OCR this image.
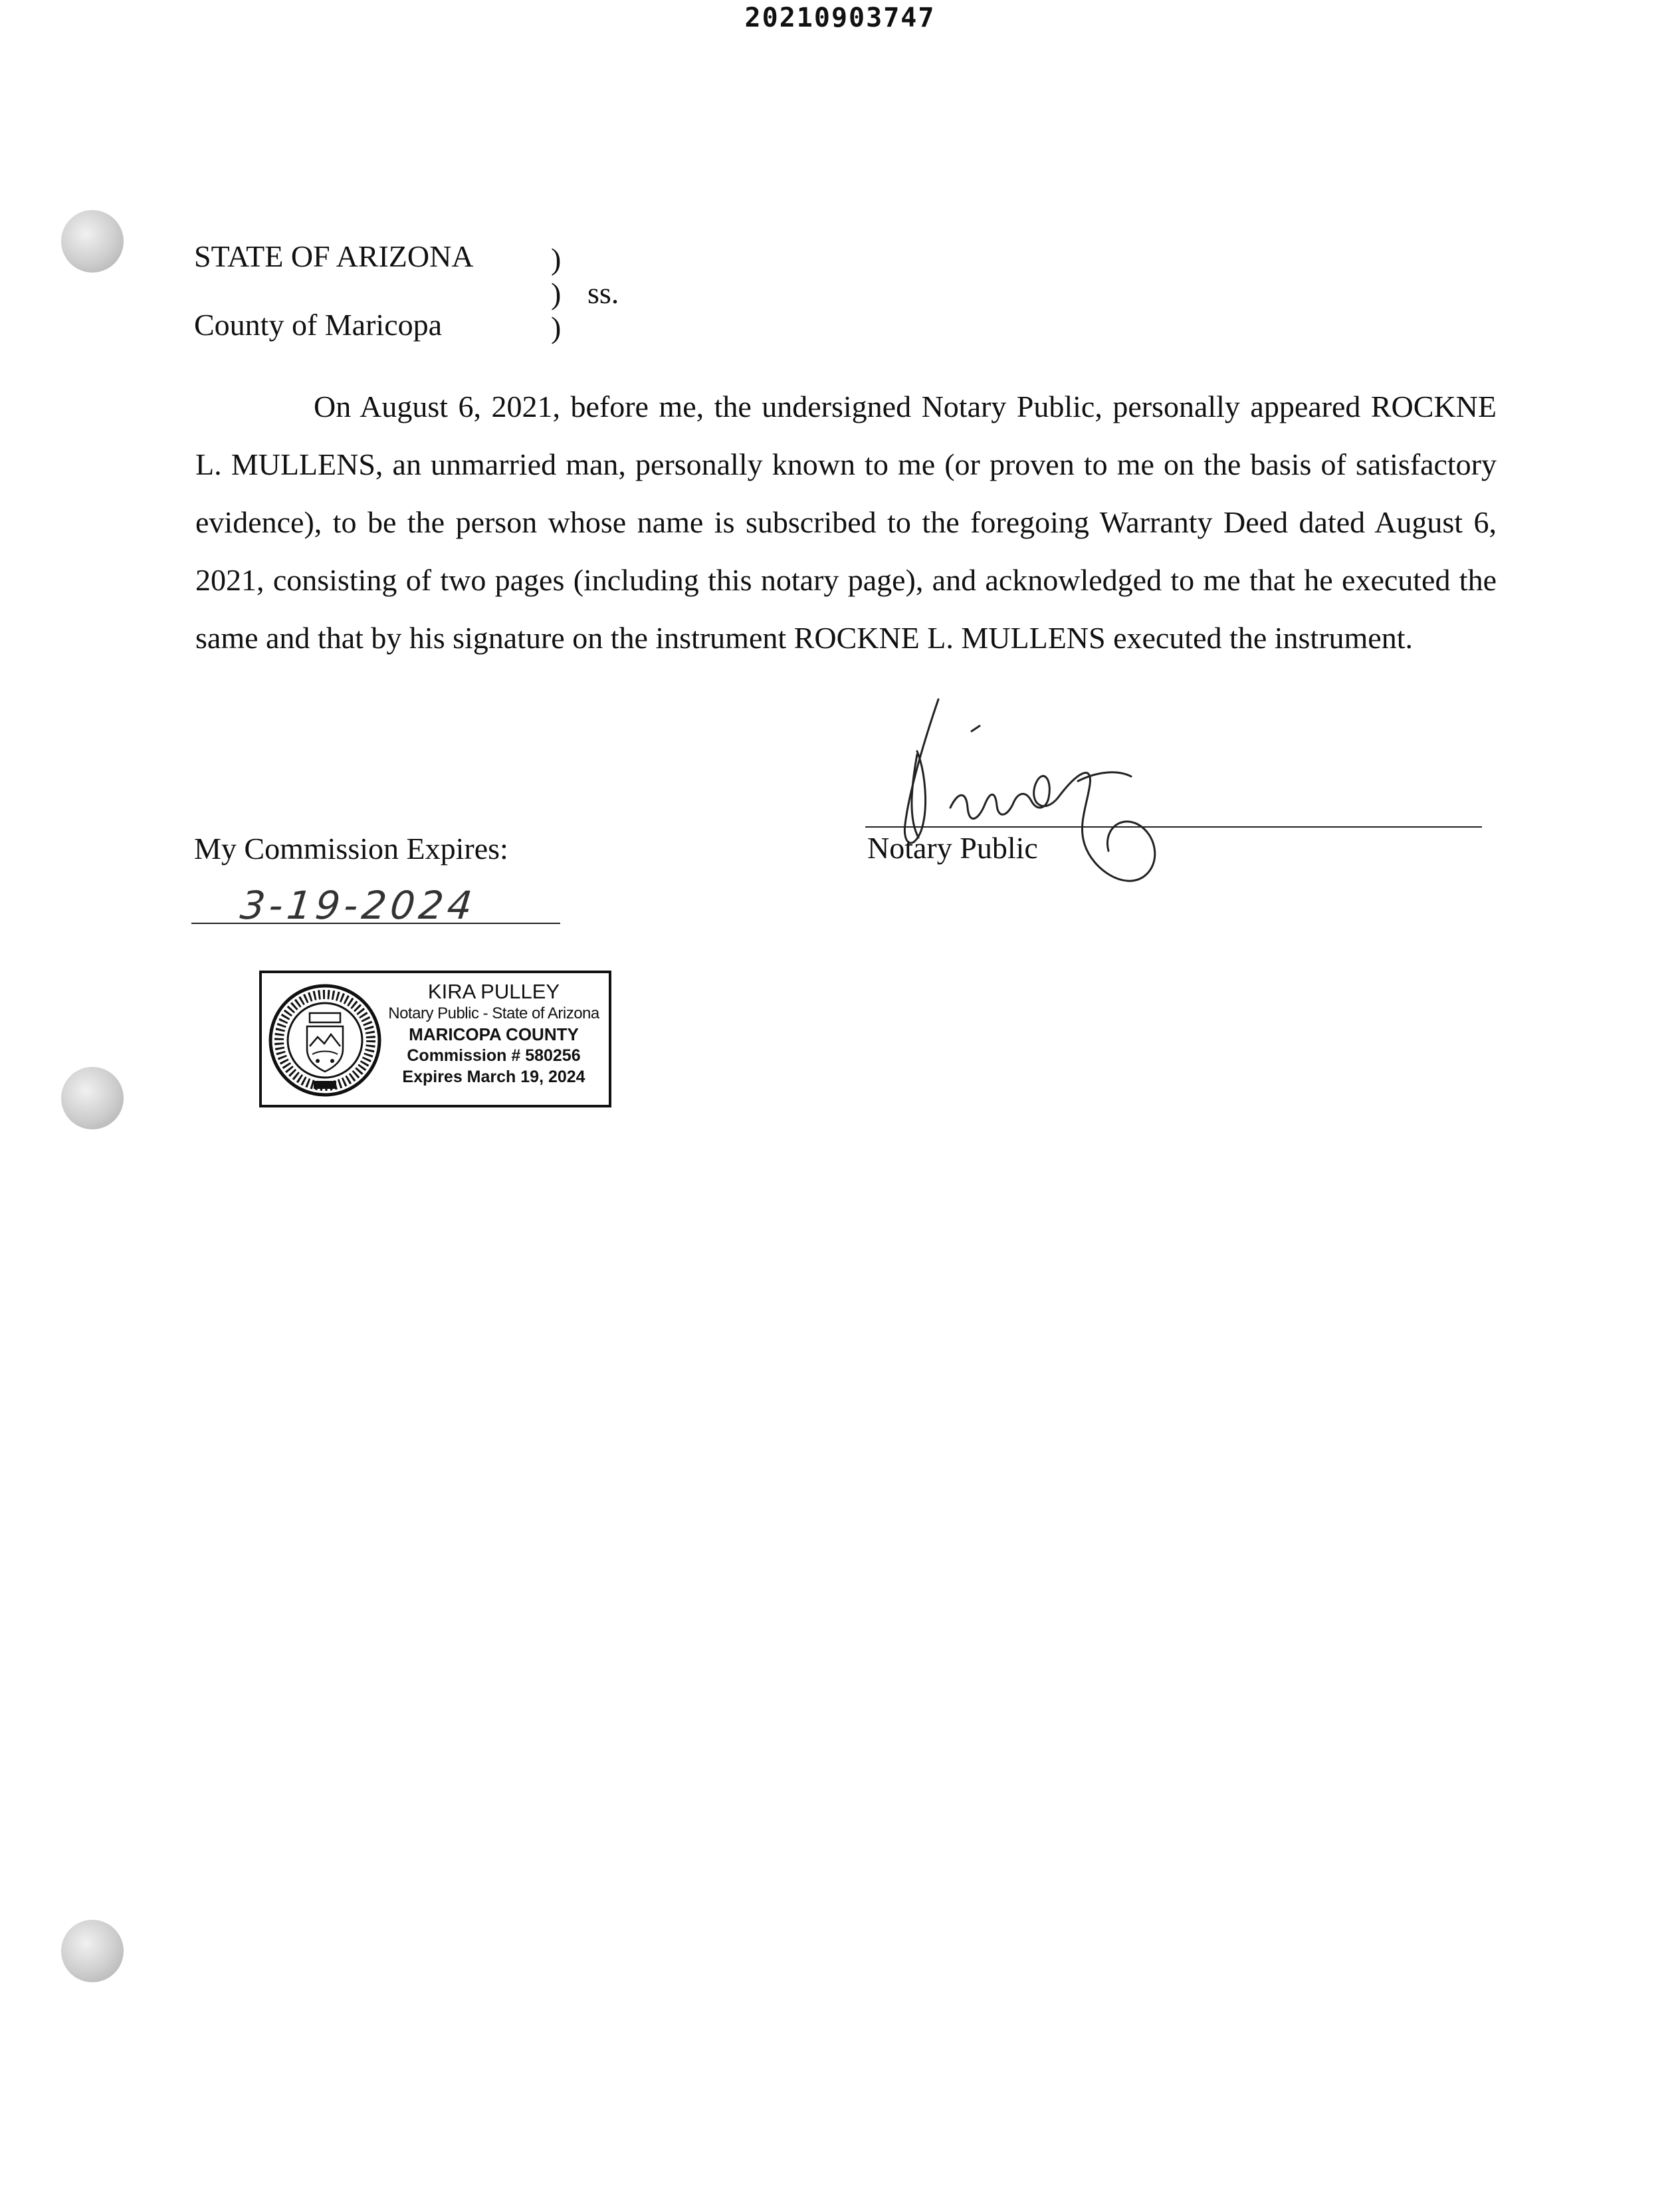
20210903747
STATE OF ARIZONA
County of Maricopa
)
)
)
ss.

On August 6, 2021, before me, the undersigned Notary Public, personally appeared ROCKNE L. MULLENS, an unmarried man, personally known to me (or proven to me on the basis of satisfactory evidence), to be the person whose name is subscribed to the foregoing Warranty Deed dated August 6, 2021, consisting of two pages (including this notary page), and acknowledged to me that he executed the same and that by his signature on the instrument ROCKNE L. MULLENS executed the instrument.

My Commission Expires:
3-19-2024
Notary Public
KIRA PULLEY
Notary Public - State of Arizona
MARICOPA COUNTY
Commission # 580256
Expires March 19, 2024
